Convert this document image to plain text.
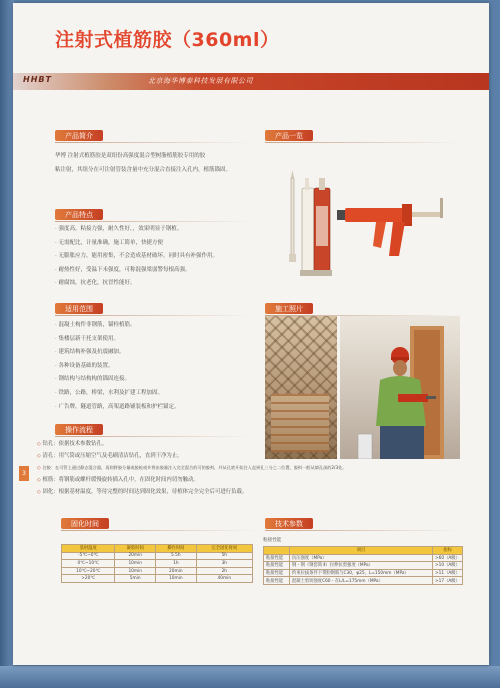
注射式植筋胶（360ml）
HHBT	北京海华博泰科技发展有限公司
产品简介
华博 注射式植筋胶是双组份高强度混合型树脂植筋胶专用的胶
粘注射，其组分在可注射管装含量中充分混合直接注入孔内，植筋锚固。
产品一览
产品特点
· 强度高，粘接力强，耐久性好，，效果明显于钢植。
· 无需配比，计量准确，施工简单，快捷方便
· 无膨胀应力，能用密集，不会造成基材破坏，同时具有补强作用。
· 耐热性好，受温下未强度，可称混强梁弱警每根高强。
· 耐腐蚀，抗老化，抗冒性能好。
适用范围
· 混凝土构件非钢筋，锚栓植筋。
· 集楼层新干托支架使用。
· 建筑结构补强及抗震融加。
· 各种设备基础的装置。
· 钢结构与结构构的锚固连接。
· 铁路，公路，桥梁，水利及扩建工程加固。
· 广告牌，隧道管路，高架道路铺装板和护栏锚定。
施工照片
操作流程
◇ 钻孔：依据技术参数钻孔。
◇ 清孔：用气筒或压缩空气及毛刷清洁钻孔，直到干净为止。
◇ 注胶：在可管上通过静态混合器，再则将胶分量或胶枪或并将由胶量注入完全混合的可的胶料，并从孔底开始注入直到孔三分之二位置，胶料一般从填孔深的2/3处。
◇ 植筋：将钢筋或螺杆缓慢旋转插入孔中，在固化时间内切勿触动。
◇ 固化：根据基材温度，等待完整的时间达到固化效果，待植体完全完全后可进行负载。
3
固化时间
基材温度	凝胶时间	操作时间	完全固化时间
-5℃~0℃	20min	5.5h	5h
0℃~10℃	10min	1h	3h
10℃~20℃	10min	20min	2h
>20℃	5min	10min	40min
技术参数
粘接性能
	项目	指标
粘接性能	抗压强度（MPa）	>60（A级）
粘接性能	钢 - 钢（钢套筒 Ⅱ）拉伸抗剪强度（MPa）	>10（A级）
粘接性能	约束拉拔条件下带肋钢筋与C30，φ25，L=150mm（MPa）	>11（A级）
粘接性能	混凝土剪切强度C60 - 在L/L=175mm（MPa）	>17（A级）
